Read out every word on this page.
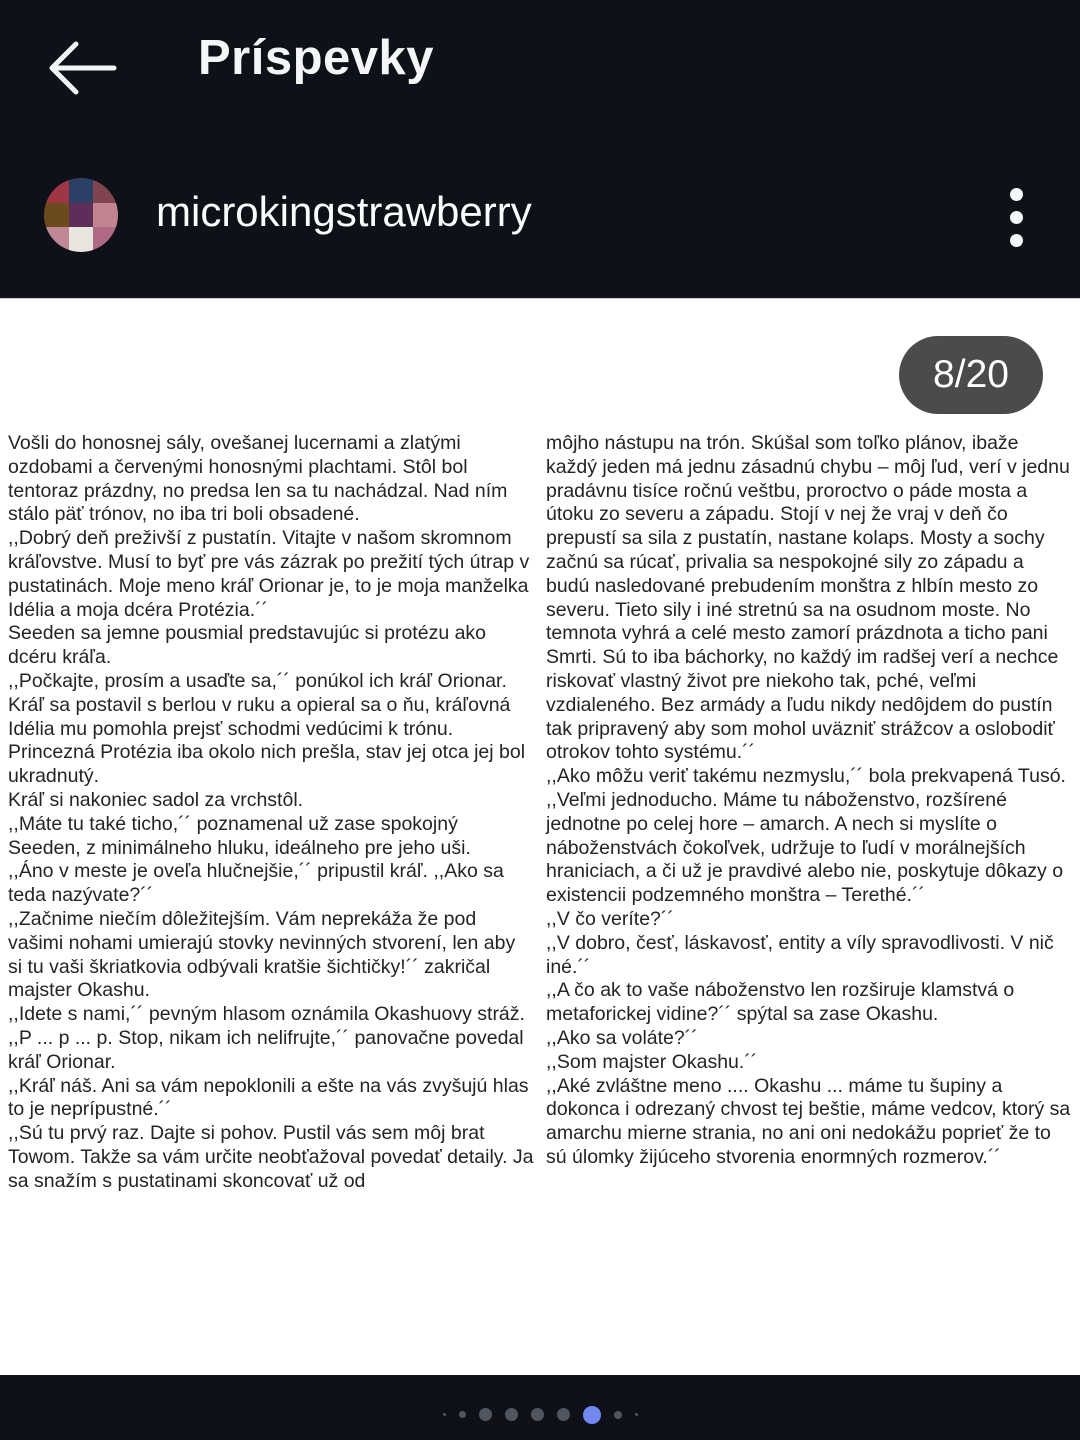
Príspevky
microkingstrawberry
8/20

Vošli do honosnej sály, ovešanej lucernami a zlatými ozdobami a červenými honosnými plachtami. Stôl bol tentoraz prázdny, no predsa len sa tu nachádzal. Nad ním stálo päť trónov, no iba tri boli obsadené.

,,Dobrý deň preživší z pustatín. Vitajte v našom skromnom kráľovstve. Musí to byť pre vás zázrak po prežití tých útrap v pustatinách. Moje meno kráľ Orionar je, to je moja manželka Idélia a moja dcéra Protézia.´´

Seeden sa jemne pousmial predstavujúc si protézu ako dcéru kráľa.

,,Počkajte, prosím a usaďte sa,´´ ponúkol ich kráľ Orionar.

Kráľ sa postavil s berlou v ruku a opieral sa o ňu, kráľovná Idélia mu pomohla prejsť schodmi vedúcimi k trónu. Princezná Protézia iba okolo nich prešla, stav jej otca jej bol ukradnutý.

Kráľ si nakoniec sadol za vrchstôl.

,,Máte tu také ticho,´´ poznamenal už zase spokojný Seeden, z minimálneho hluku, ideálneho pre jeho uši.

,,Áno v meste je oveľa hlučnejšie,´´ pripustil kráľ. ,,Ako sa teda nazývate?´´

,,Začnime niečím dôležitejším. Vám neprekáža že pod vašimi nohami umierajú stovky nevinných stvorení, len aby si tu vaši škriatkovia odbývali kratšie šichtičky!´´ zakričal majster Okashu.

,,Idete s nami,´´ pevným hlasom oznámila Okashuovy stráž.

,,P ... p ... p. Stop, nikam ich nelifrujte,´´ panovačne povedal kráľ Orionar.

,,Kráľ náš. Ani sa vám nepoklonili a ešte na vás zvyšujú hlas to je neprípustné.´´

,,Sú tu prvý raz. Dajte si pohov. Pustil vás sem môj brat Towom. Takže sa vám určite neobťažoval povedať detaily. Ja sa snažím s pustatinami skoncovať už od

môjho nástupu na trón. Skúšal som toľko plánov, ibaže každý jeden má jednu zásadnú chybu – môj ľud, verí v jednu pradávnu tisíce ročnú veštbu, proroctvo o páde mosta a útoku zo severu a západu. Stojí v nej že vraj v deň čo prepustí sa sila z pustatín, nastane kolaps. Mosty a sochy začnú sa rúcať, privalia sa nespokojné sily zo západu a budú nasledované prebudením monštra z hlbín mesto zo severu. Tieto sily i iné stretnú sa na osudnom moste. No temnota vyhrá a celé mesto zamorí prázdnota a ticho pani Smrti. Sú to iba báchorky, no každý im radšej verí a nechce riskovať vlastný život pre niekoho tak, pché, veľmi vzdialeného. Bez armády a ľudu nikdy nedôjdem do pustín tak pripravený aby som mohol uväzniť strážcov a oslobodiť otrokov tohto systému.´´

,,Ako môžu veriť takému nezmyslu,´´ bola prekvapená Tusó.

,,Veľmi jednoducho. Máme tu náboženstvo, rozšírené jednotne po celej hore – amarch. A nech si myslíte o náboženstvách čokoľvek, udržuje to ľudí v morálnejších hraniciach, a či už je pravdivé alebo nie, poskytuje dôkazy o existencii podzemného monštra – Terethé.´´

,,V čo veríte?´´

,,V dobro, česť, láskavosť, entity a víly spravodlivosti. V nič iné.´´

,,A čo ak to vaše náboženstvo len rozširuje klamstvá o metaforickej vidine?´´ spýtal sa zase Okashu.

,,Ako sa voláte?´´

,,Som majster Okashu.´´

,,Aké zvláštne meno .... Okashu ... máme tu šupiny a dokonca i odrezaný chvost tej beštie, máme vedcov, ktorý sa amarchu mierne strania, no ani oni nedokážu poprieť že to sú úlomky žijúceho stvorenia enormných rozmerov.´´
